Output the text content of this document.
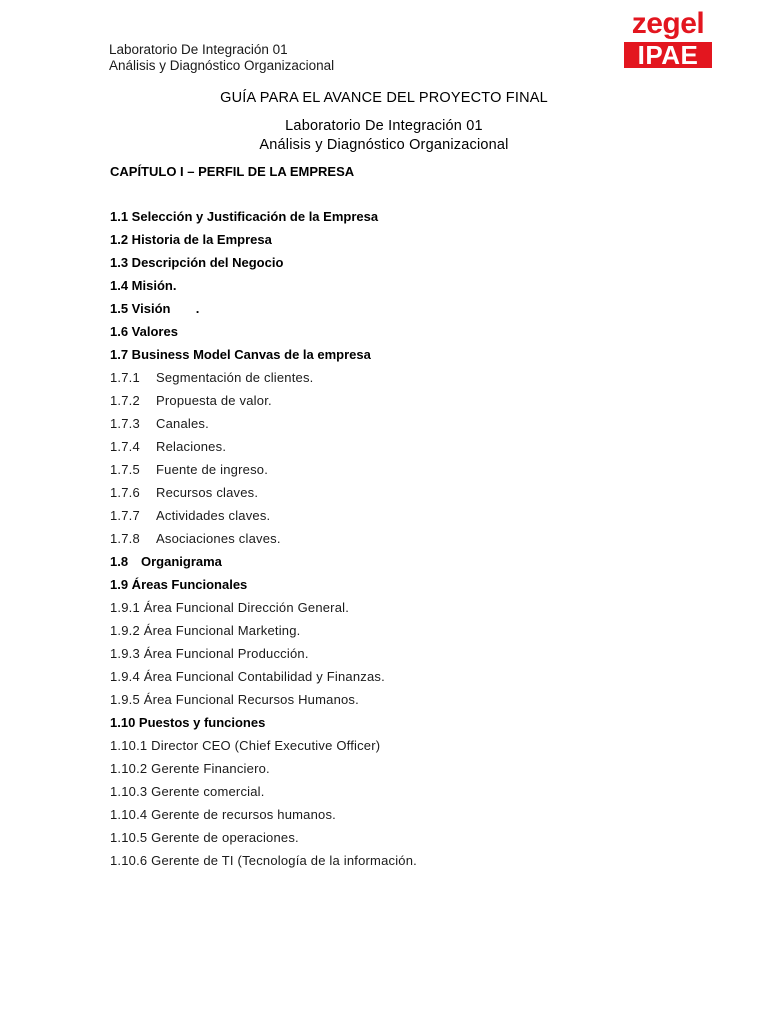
Laboratorio De Integración 01
Análisis y Diagnóstico Organizacional
zegel
IPAE
GUÍA PARA EL AVANCE DEL PROYECTO FINAL
Laboratorio De Integración 01
Análisis y Diagnóstico Organizacional
CAPÍTULO I – PERFIL DE LA EMPRESA
1.1 Selección y Justificación de la Empresa
1.2 Historia de la Empresa
1.3 Descripción del Negocio
1.4 Misión.
1.5 Visión       .
1.6 Valores
1.7 Business Model Canvas de la empresa
1.7.1 Segmentación de clientes.
1.7.2 Propuesta de valor.
1.7.3 Canales.
1.7.4 Relaciones.
1.7.5 Fuente de ingreso.
1.7.6 Recursos claves.
1.7.7 Actividades claves.
1.7.8 Asociaciones claves.
1.8 Organigrama
1.9 Áreas Funcionales
1.9.1 Área Funcional Dirección General.
1.9.2 Área Funcional Marketing.
1.9.3 Área Funcional Producción.
1.9.4 Área Funcional Contabilidad y Finanzas.
1.9.5 Área Funcional Recursos Humanos.
1.10 Puestos y funciones
1.10.1 Director CEO (Chief Executive Officer)
1.10.2 Gerente Financiero.
1.10.3 Gerente comercial.
1.10.4 Gerente de recursos humanos.
1.10.5 Gerente de operaciones.
1.10.6 Gerente de TI (Tecnología de la información.
